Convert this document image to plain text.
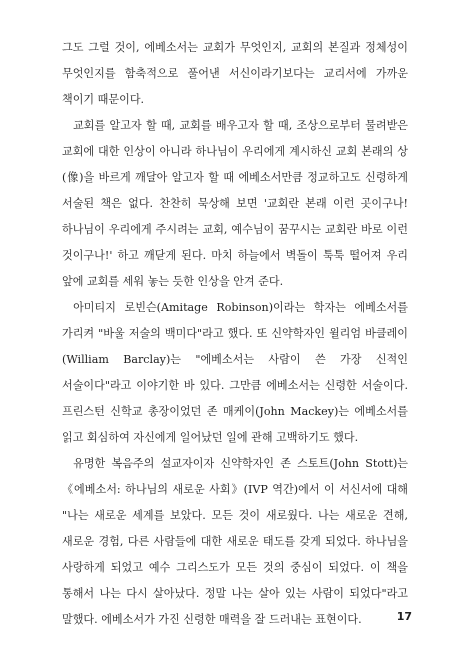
그도 그럴 것이, 에베소서는 교회가 무엇인지, 교회의 본질과 정체성이 무엇인지를 함축적으로 풀어낸 서신이라기보다는 교리서에 가까운 책이기 때문이다.

교회를 알고자 할 때, 교회를 배우고자 할 때, 조상으로부터 물려받은 교회에 대한 인상이 아니라 하나님이 우리에게 계시하신 교회 본래의 상(像)을 바르게 깨달아 알고자 할 때 에베소서만큼 정교하고도 신령하게 서술된 책은 없다. 찬찬히 묵상해 보면 '교회란 본래 이런 곳이구나! 하나님이 우리에게 주시려는 교회, 예수님이 꿈꾸시는 교회란 바로 이런 것이구나!' 하고 깨닫게 된다. 마치 하늘에서 벽돌이 툭툭 떨어져 우리 앞에 교회를 세워 놓는 듯한 인상을 안겨 준다.

아미티지 로빈슨(Amitage Robinson)이라는 학자는 에베소서를 가리켜 "바울 저술의 백미다"라고 했다. 또 신약학자인 윌리엄 바클레이(William Barclay)는 "에베소서는 사람이 쓴 가장 신적인 서술이다"라고 이야기한 바 있다. 그만큼 에베소서는 신령한 서술이다. 프린스턴 신학교 총장이었던 존 매케이(John Mackey)는 에베소서를 읽고 회심하여 자신에게 일어났던 일에 관해 고백하기도 했다.

유명한 복음주의 설교자이자 신약학자인 존 스토트(John Stott)는 《에베소서: 하나님의 새로운 사회》(IVP 역간)에서 이 서신서에 대해 "나는 새로운 세계를 보았다. 모든 것이 새로웠다. 나는 새로운 견해, 새로운 경험, 다른 사람들에 대한 새로운 태도를 갖게 되었다. 하나님을 사랑하게 되었고 예수 그리스도가 모든 것의 중심이 되었다. 이 책을 통해서 나는 다시 살아났다. 정말 나는 살아 있는 사람이 되었다"라고 말했다. 에베소서가 가진 신령한 매력을 잘 드러내는 표현이다.	17
